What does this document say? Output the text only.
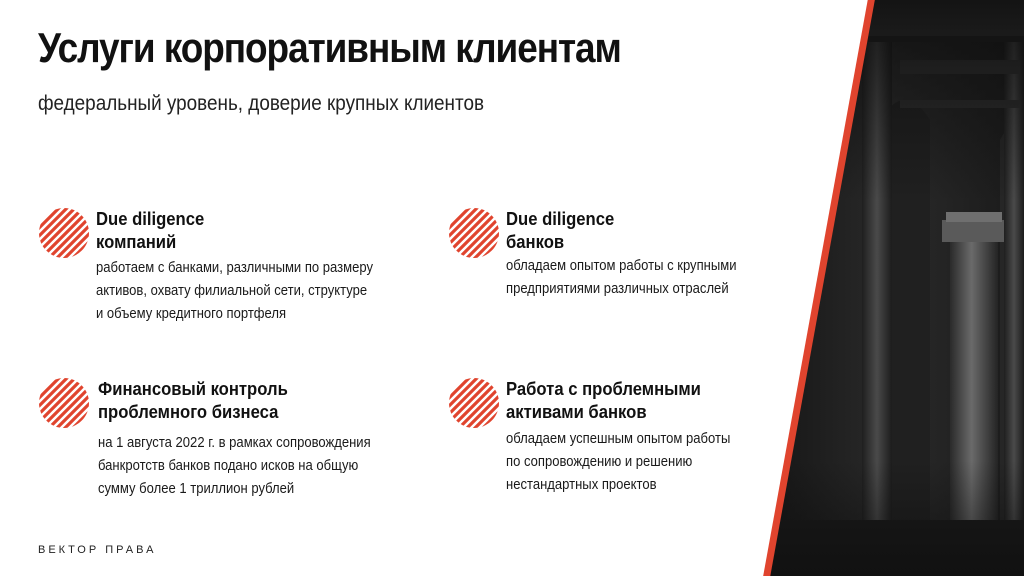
Услуги корпоративным клиентам
федеральный уровень, доверие крупных клиентов
Due diligence
компаний
работаем с банками, различными по размеру
активов, охвату филиальной сети, структуре
и объему кредитного портфеля
Due diligence
банков
обладаем опытом работы с крупными
предприятиями различных отраслей
Финансовый контроль
проблемного бизнеса
на 1 августа 2022 г. в рамках сопровождения
банкротств банков подано исков на общую
сумму более 1 триллион рублей
Работа с проблемными
активами банков
обладаем успешным опытом работы
по сопровождению и решению
нестандартных проектов
ВЕКТОР ПРАВА
